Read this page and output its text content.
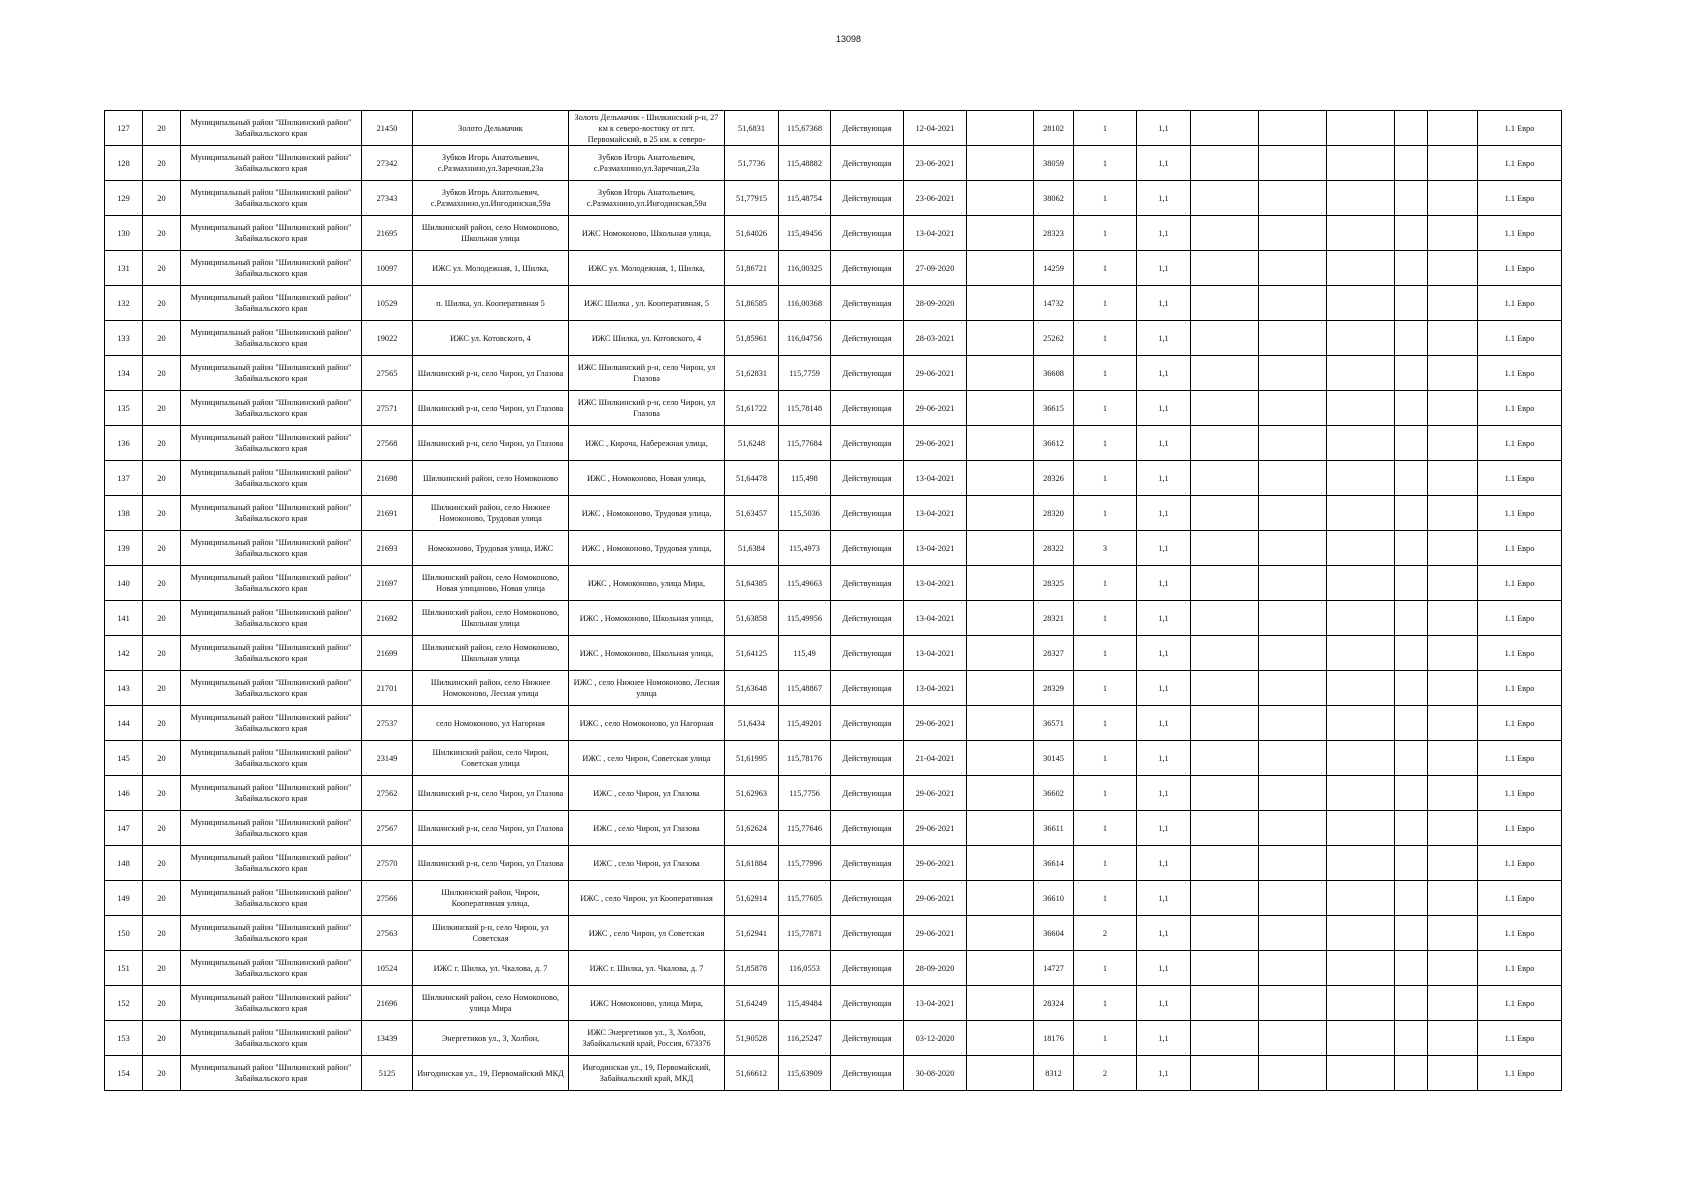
13098
127	20	Муниципальный район "Шилкинский район" Забайкальского края	21450	Золото Дельмачик	Золото Дельмачик - Шилкинский р-н, 27 км к северо-востоку от пгт. Первомайский, в 25 км. к северо-	51,6831	115,67368	Действующая	12-04-2021		28102	1	1,1						1.1 Евро
128	20	Муниципальный район "Шилкинский район" Забайкальского края	27342	Зубков Игорь Анатольевич, с.Размахнино,ул.Заречная,23а	Зубков Игорь Анатольевич, с.Размахнино,ул.Заречная,23а	51,7736	115,48882	Действующая	23-06-2021		38059	1	1,1						1.1 Евро
129	20	Муниципальный район "Шилкинский район" Забайкальского края	27343	Зубков Игорь Анатольевич, с.Размахнино,ул.Ингодинская,59а	Зубков Игорь Анатольевич, с.Размахнино,ул.Ингодинская,59а	51,77915	115,48754	Действующая	23-06-2021		38062	1	1,1						1.1 Евро
130	20	Муниципальный район "Шилкинский район" Забайкальского края	21695	Шилкинский район, село Номоконово, Школьная улица	ИЖС Номоконово, Школьная улица,	51,64026	115,49456	Действующая	13-04-2021		28323	1	1,1						1.1 Евро
131	20	Муниципальный район "Шилкинский район" Забайкальского края	10097	ИЖС ул. Молодежная, 1, Шилка,	ИЖС ул. Молодежная, 1, Шилка,	51,86721	116,00325	Действующая	27-09-2020		14259	1	1,1						1.1 Евро
132	20	Муниципальный район "Шилкинский район" Забайкальского края	10529	п. Шилка, ул. Кооперативная 5	ИЖС Шилка , ул. Кооперативная, 5	51,86585	116,00368	Действующая	28-09-2020		14732	1	1,1						1.1 Евро
133	20	Муниципальный район "Шилкинский район" Забайкальского края	19022	ИЖС ул. Котовского, 4	ИЖС Шилка, ул. Котовского, 4	51,85961	116,04756	Действующая	28-03-2021		25262	1	1,1						1.1 Евро
134	20	Муниципальный район "Шилкинский район" Забайкальского края	27565	Шилкинский р-н, село Чирон, ул Глазова	ИЖС Шилкинский р-н, село Чирон, ул Глазова	51,62831	115,7759	Действующая	29-06-2021		36608	1	1,1						1.1 Евро
135	20	Муниципальный район "Шилкинский район" Забайкальского края	27571	Шилкинский р-н, село Чирон, ул Глазова	ИЖС Шилкинский р-н, село Чирон, ул Глазова	51,61722	115,78148	Действующая	29-06-2021		36615	1	1,1						1.1 Евро
136	20	Муниципальный район "Шилкинский район" Забайкальского края	27568	Шилкинский р-н, село Чирон, ул Глазова	ИЖС , Кироча, Набережная улица,	51,6248	115,77684	Действующая	29-06-2021		36612	1	1,1						1.1 Евро
137	20	Муниципальный район "Шилкинский район" Забайкальского края	21698	Шилкинский район, село Номоконово	ИЖС , Номоконово, Новая улица,	51,64478	115,498	Действующая	13-04-2021		28326	1	1,1						1.1 Евро
138	20	Муниципальный район "Шилкинский район" Забайкальского края	21691	Шилкинский район, село Нижнее Номоконово, Трудовая улица	ИЖС , Номоконово, Трудовая улица,	51,63457	115,5036	Действующая	13-04-2021		28320	1	1,1						1.1 Евро
139	20	Муниципальный район "Шилкинский район" Забайкальского края	21693	Номоконово, Трудовая улица, ИЖС	ИЖС , Номоконово, Трудовая улица,	51,6384	115,4973	Действующая	13-04-2021		28322	3	1,1						1.1 Евро
140	20	Муниципальный район "Шилкинский район" Забайкальского края	21697	Шилкинский район, село Номоконово, Новая улицаново, Новая улица	ИЖС , Номоконово, улица Мира,	51,64385	115,49663	Действующая	13-04-2021		28325	1	1,1						1.1 Евро
141	20	Муниципальный район "Шилкинский район" Забайкальского края	21692	Шилкинский район, село Номоконово, Школьная улица	ИЖС , Номоконово, Школьная улица,	51,63858	115,49956	Действующая	13-04-2021		28321	1	1,1						1.1 Евро
142	20	Муниципальный район "Шилкинский район" Забайкальского края	21699	Шилкинский район, село Номоконово, Школьная улица	ИЖС , Номоконово, Школьная улица,	51,64125	115,49	Действующая	13-04-2021		28327	1	1,1						1.1 Евро
143	20	Муниципальный район "Шилкинский район" Забайкальского края	21701	Шилкинский район, село Нижнее Номоконово, Лесная улица	ИЖС , село Нижнее Номоконово, Лесная улица	51,63648	115,48867	Действующая	13-04-2021		28329	1	1,1						1.1 Евро
144	20	Муниципальный район "Шилкинский район" Забайкальского края	27537	село Номоконово, ул Нагорная	ИЖС , село Номоконово, ул Нагорная	51,6434	115,49201	Действующая	29-06-2021		36571	1	1,1						1.1 Евро
145	20	Муниципальный район "Шилкинский район" Забайкальского края	23149	Шилкинский район, село Чирон, Советская улица	ИЖС , село Чирон, Советская улица	51,61995	115,78176	Действующая	21-04-2021		30145	1	1,1						1.1 Евро
146	20	Муниципальный район "Шилкинский район" Забайкальского края	27562	Шилкинский р-н, село Чирон, ул Глазова	ИЖС , село Чирон, ул Глазова	51,62963	115,7756	Действующая	29-06-2021		36602	1	1,1						1.1 Евро
147	20	Муниципальный район "Шилкинский район" Забайкальского края	27567	Шилкинский р-н, село Чирон, ул Глазова	ИЖС , село Чирон, ул Глазова	51,62624	115,77646	Действующая	29-06-2021		36611	1	1,1						1.1 Евро
148	20	Муниципальный район "Шилкинский район" Забайкальского края	27570	Шилкинский р-н, село Чирон, ул Глазова	ИЖС , село Чирон, ул Глазова	51,61884	115,77996	Действующая	29-06-2021		36614	1	1,1						1.1 Евро
149	20	Муниципальный район "Шилкинский район" Забайкальского края	27566	Шилкинский район, Чирон, Кооперативная улица,	ИЖС , село Чирон, ул Кооперативная	51,62914	115,77605	Действующая	29-06-2021		36610	1	1,1						1.1 Евро
150	20	Муниципальный район "Шилкинский район" Забайкальского края	27563	Шилкинский р-н, село Чирон, ул Советская	ИЖС , село Чирон, ул Советская	51,62941	115,77871	Действующая	29-06-2021		36604	2	1,1						1.1 Евро
151	20	Муниципальный район "Шилкинский район" Забайкальского края	10524	ИЖС г. Шилка, ул. Чкалова, д. 7	ИЖС г. Шилка, ул. Чкалова, д. 7	51,85878	116,0553	Действующая	28-09-2020		14727	1	1,1						1.1 Евро
152	20	Муниципальный район "Шилкинский район" Забайкальского края	21696	Шилкинский район, село Номоконово, улица Мира	ИЖС Номоконово, улица Мира,	51,64249	115,49484	Действующая	13-04-2021		28324	1	1,1						1.1 Евро
153	20	Муниципальный район "Шилкинский район" Забайкальского края	13439	Энергетиков ул., 3, Холбон,	ИЖС Энергетиков ул., 3, Холбон, Забайкальский край, Россия, 673376	51,90528	116,25247	Действующая	03-12-2020		18176	1	1,1						1.1 Евро
154	20	Муниципальный район "Шилкинский район" Забайкальского края	5125	Ингодинская ул., 19, Первомайский МКД	Ингодинская ул., 19, Первомайский, Забайкальский край, МКД	51,66612	115,63909	Действующая	30-08-2020		8312	2	1,1						1.1 Евро
